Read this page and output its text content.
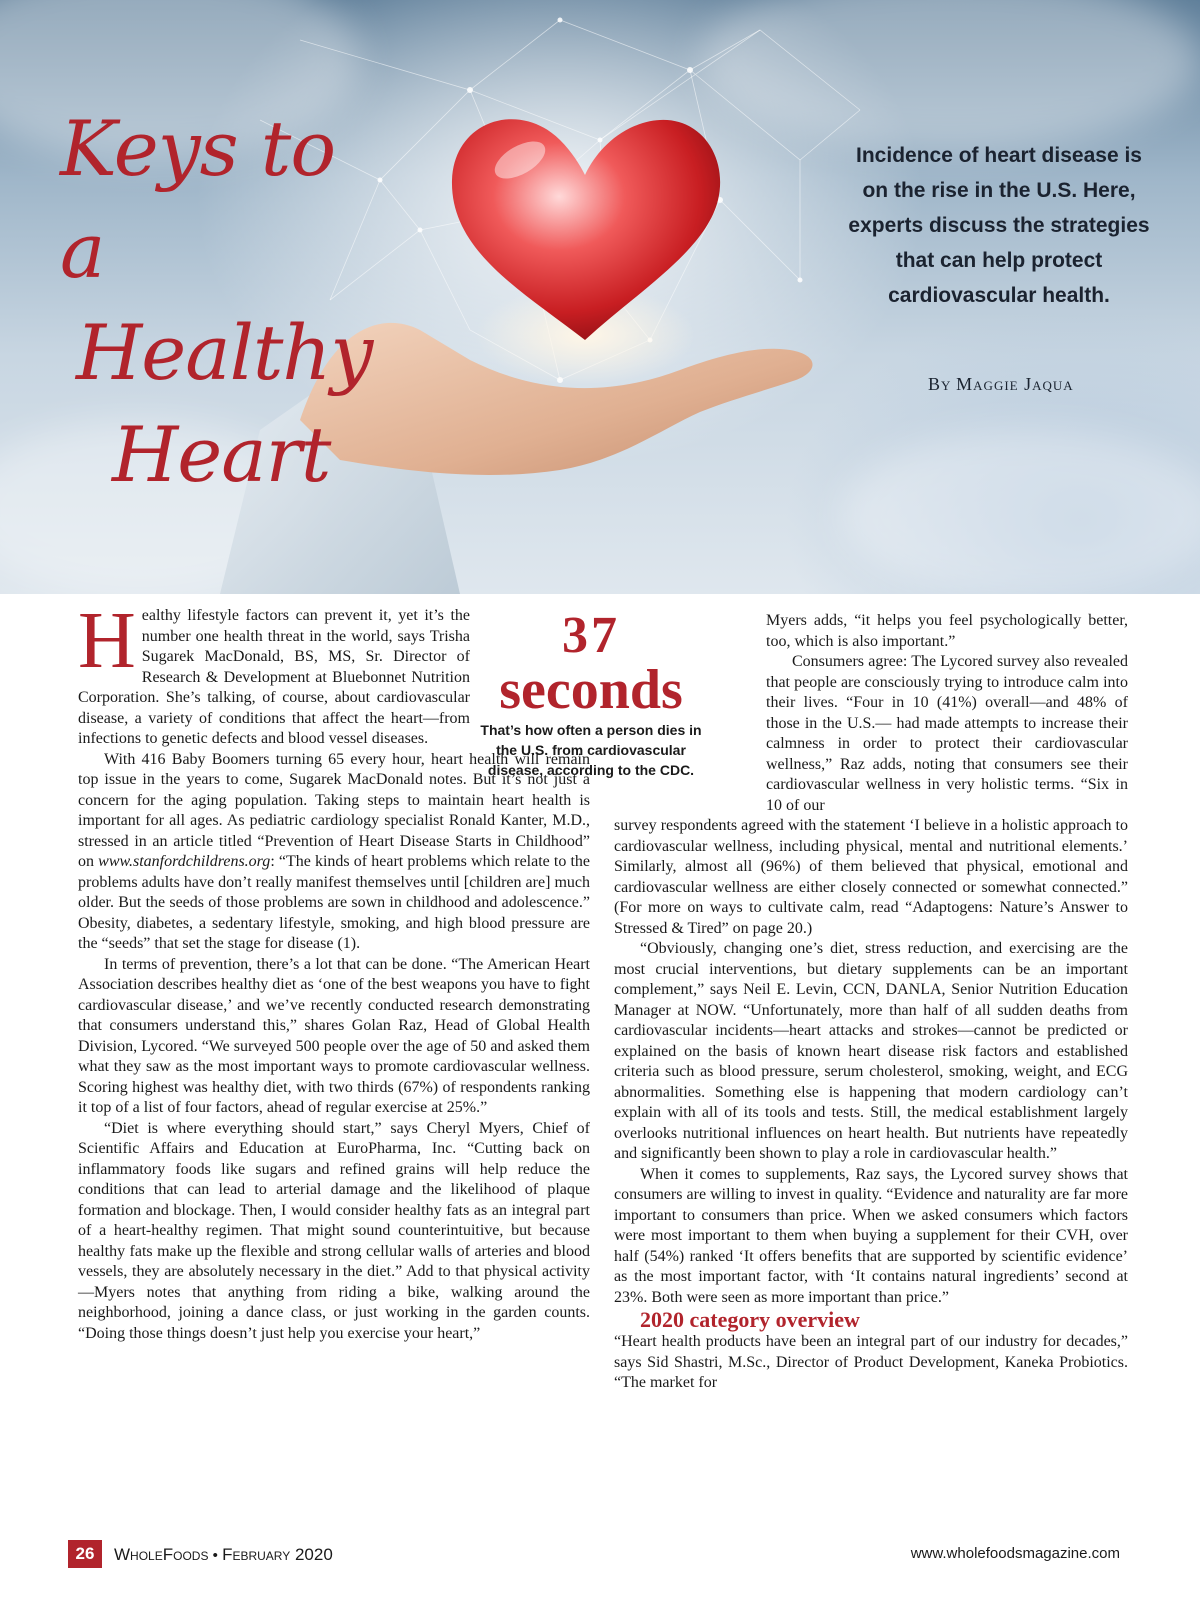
Keys to a
Healthy
Heart
Incidence of heart disease is on the rise in the U.S. Here, experts discuss the strategies that can help protect cardiovascular health.
By Maggie Jaqua
37
seconds
That’s how often a person dies in the U.S. from cardiovascular disease, according to the CDC.

Healthy lifestyle factors can prevent it, yet it’s the number one health threat in the world, says Trisha Sugarek MacDonald, BS, MS, Sr. Director of Research & Development at Bluebonnet Nutrition Corporation. She’s talking, of course, about cardiovascular disease, a variety of conditions that affect the heart—from infections to genetic defects and blood vessel diseases.

With 416 Baby Boomers turning 65 every hour, heart health will remain top issue in the years to come, Sugarek MacDonald notes. But it’s not just a concern for the aging population. Taking steps to maintain heart health is important for all ages. As pediatric cardiology specialist Ronald Kanter, M.D., stressed in an article titled “Prevention of Heart Disease Starts in Childhood” on www.stanfordchildrens.org: “The kinds of heart problems which relate to the problems adults have don’t really manifest themselves until [children are] much older. But the seeds of those problems are sown in childhood and adolescence.” Obesity, diabetes, a sedentary lifestyle, smoking, and high blood pressure are the “seeds” that set the stage for disease (1).

In terms of prevention, there’s a lot that can be done. “The American Heart Association describes healthy diet as ‘one of the best weapons you have to fight cardiovascular disease,’ and we’ve recently conducted research demonstrating that consumers understand this,” shares Golan Raz, Head of Global Health Division, Lycored. “We surveyed 500 people over the age of 50 and asked them what they saw as the most important ways to promote cardiovascular wellness. Scoring highest was healthy diet, with two thirds (67%) of respondents ranking it top of a list of four factors, ahead of regular exercise at 25%.”

“Diet is where everything should start,” says Cheryl Myers, Chief of Scientific Affairs and Education at EuroPharma, Inc. “Cutting back on inflammatory foods like sugars and refined grains will help reduce the conditions that can lead to arterial damage and the likelihood of plaque formation and blockage. Then, I would consider healthy fats as an integral part of a heart-healthy regimen. That might sound counterintuitive, but because healthy fats make up the flexible and strong cellular walls of arteries and blood vessels, they are absolutely necessary in the diet.” Add to that physical activity—Myers notes that anything from riding a bike, walking around the neighborhood, joining a dance class, or just working in the garden counts. “Doing those things doesn’t just help you exercise your heart,”

Myers adds, “it helps you feel psychologically better, too, which is also important.”

Consumers agree: The Lycored survey also revealed that people are consciously trying to introduce calm into their lives. “Four in 10 (41%) overall—and 48% of those in the U.S.— had made attempts to increase their calmness in order to protect their cardiovascular wellness,” Raz adds, noting that consumers see their cardiovascular wellness in very holistic terms. “Six in 10 of our

survey respondents agreed with the statement ‘I believe in a holistic approach to cardiovascular wellness, including physical, mental and nutritional elements.’ Similarly, almost all (96%) of them believed that physical, emotional and cardiovascular wellness are either closely connected or somewhat connected.” (For more on ways to cultivate calm, read “Adaptogens: Nature’s Answer to Stressed & Tired” on page 20.)

“Obviously, changing one’s diet, stress reduction, and exercising are the most crucial interventions, but dietary supplements can be an important complement,” says Neil E. Levin, CCN, DANLA, Senior Nutrition Education Manager at NOW. “Unfortunately, more than half of all sudden deaths from cardiovascular incidents—heart attacks and strokes—cannot be predicted or explained on the basis of known heart disease risk factors and established criteria such as blood pressure, serum cholesterol, smoking, weight, and ECG abnormalities. Something else is happening that modern cardiology can’t explain with all of its tools and tests. Still, the medical establishment largely overlooks nutritional influences on heart health. But nutrients have repeatedly and significantly been shown to play a role in cardiovascular health.”

When it comes to supplements, Raz says, the Lycored survey shows that consumers are willing to invest in quality. “Evidence and naturality are far more important to consumers than price. When we asked consumers which factors were most important to them when buying a supplement for their CVH, over half (54%) ranked ‘It offers benefits that are supported by scientific evidence’ as the most important factor, with ‘It contains natural ingredients’ second at 23%. Both were seen as more important than price.”

2020 category overview

“Heart health products have been an integral part of our industry for decades,” says Sid Shastri, M.Sc., Director of Product Development, Kaneka Probiotics. “The market for

26	WholeFoods • February 2020	www.wholefoodsmagazine.com
